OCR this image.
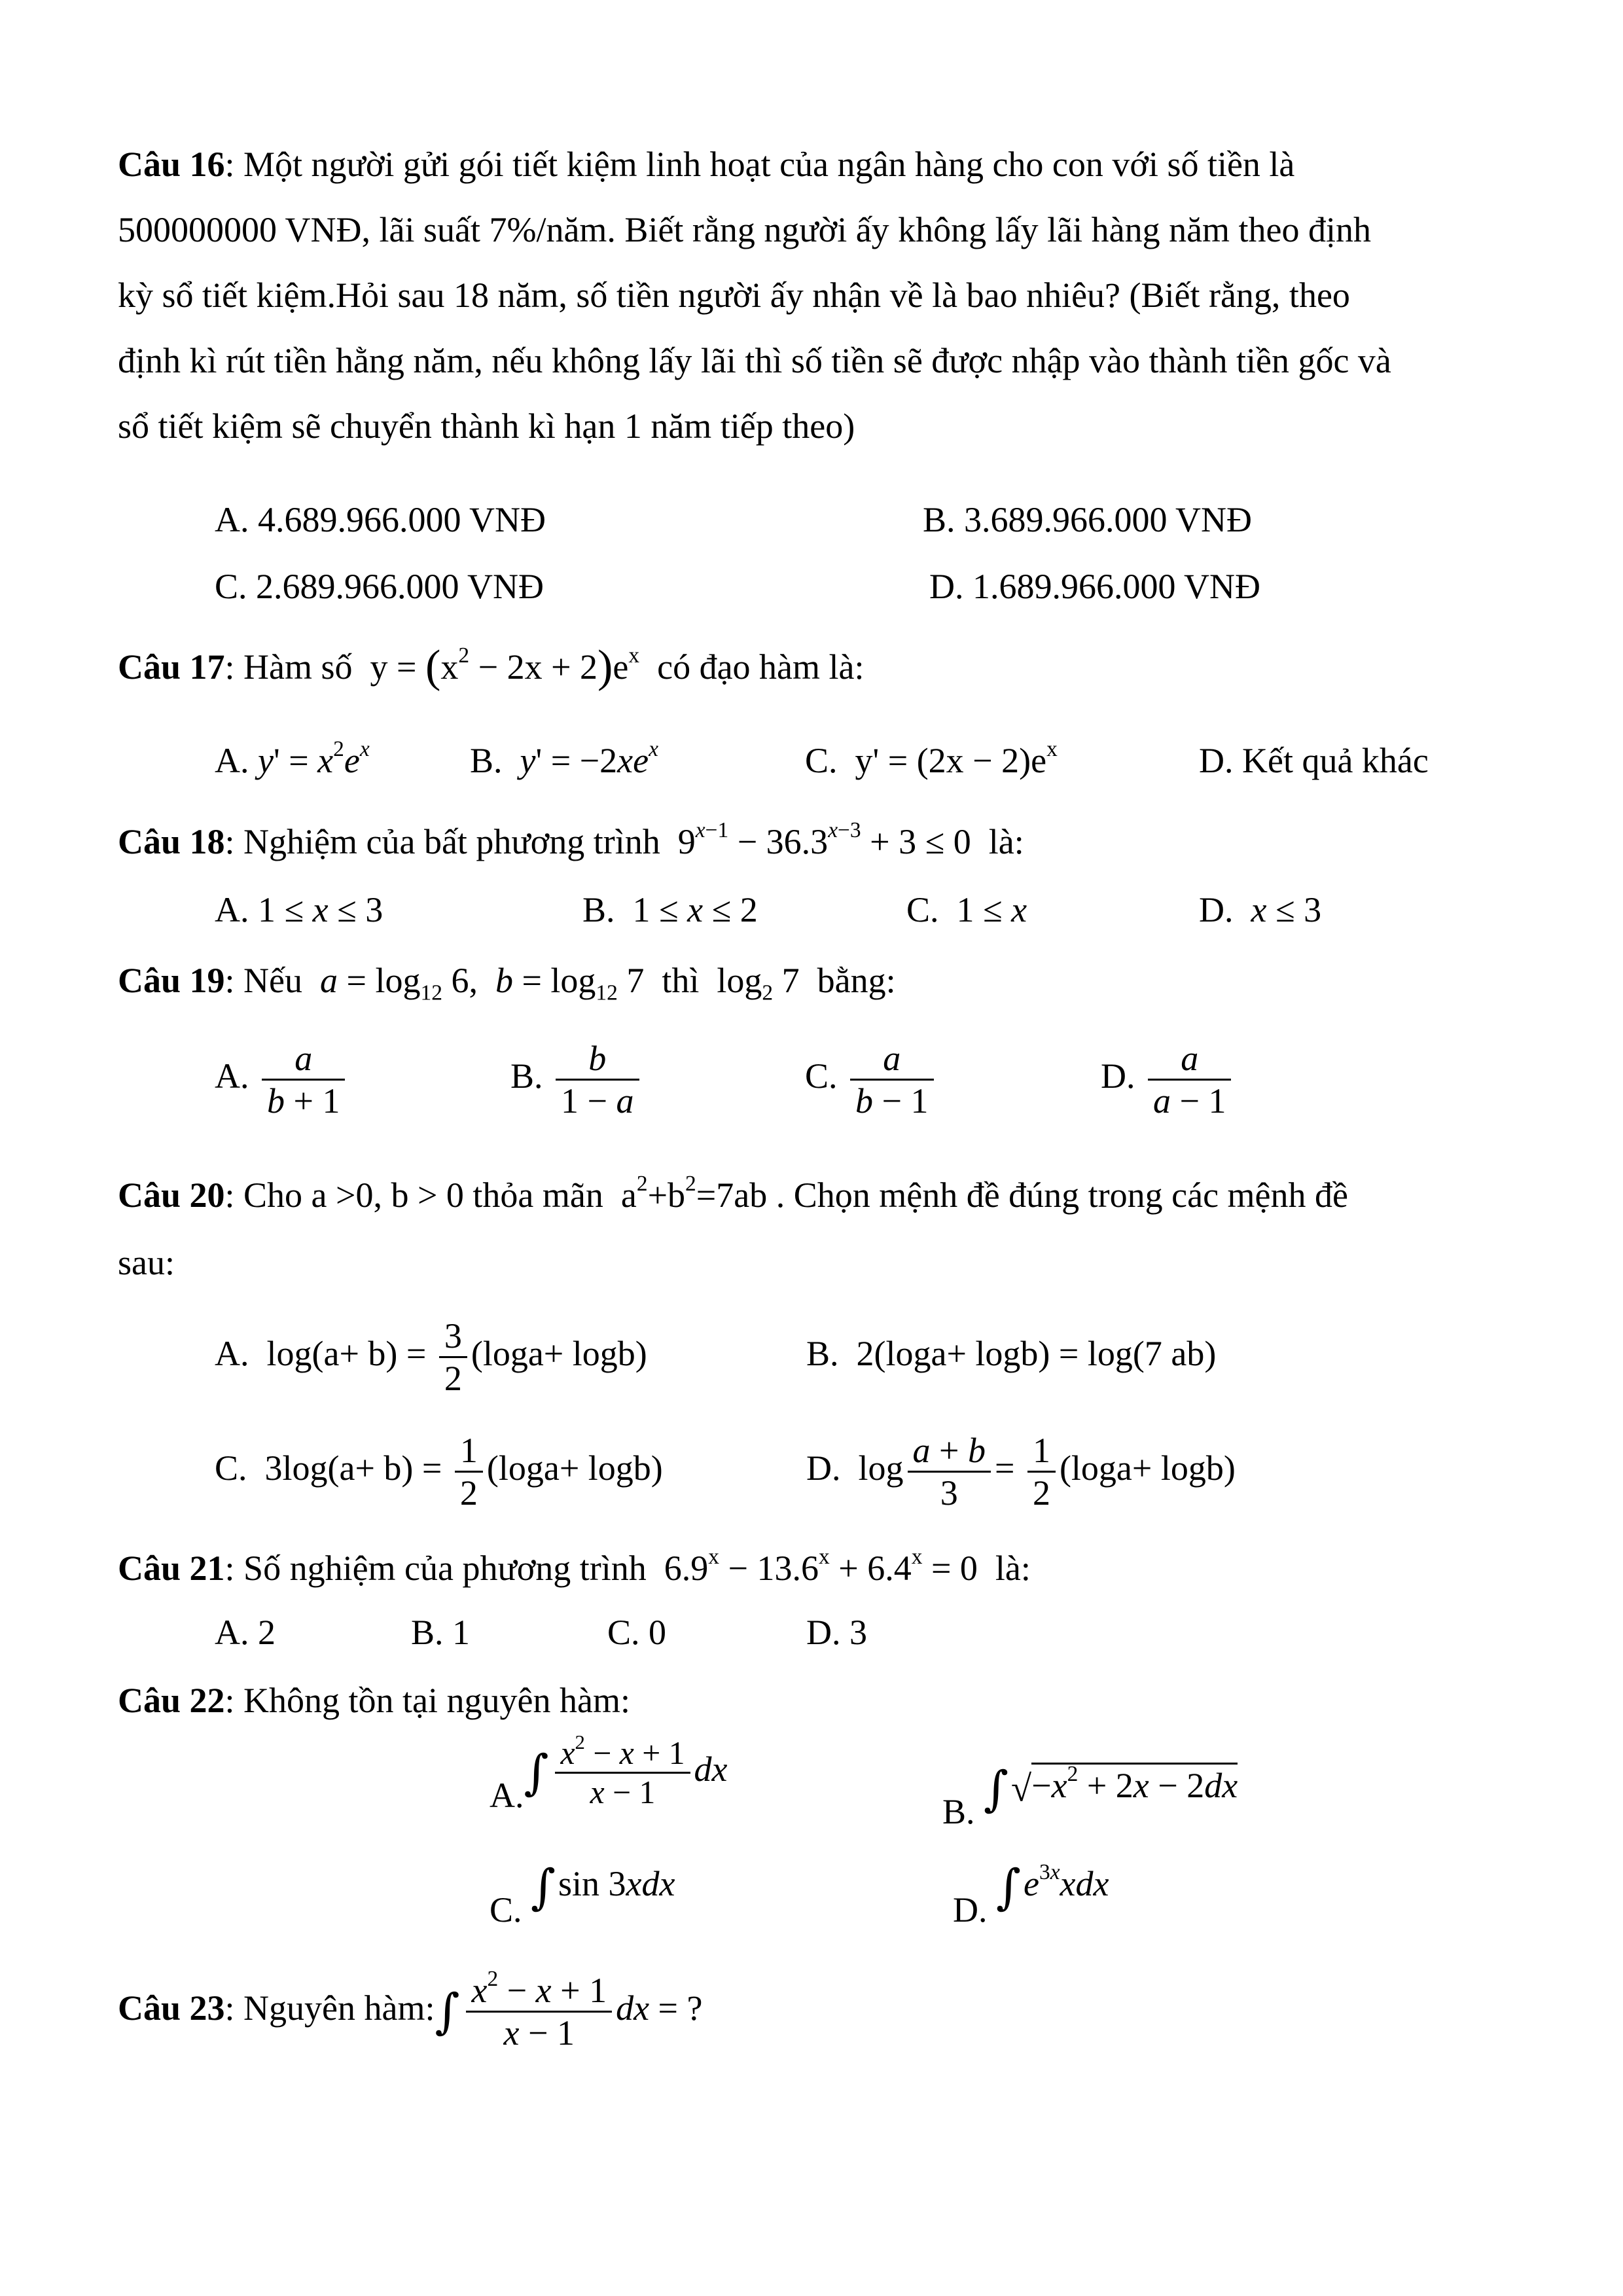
Câu 16: Một người gửi gói tiết kiệm linh hoạt của ngân hàng cho con với số tiền là
500000000 VNĐ, lãi suất 7%/năm. Biết rằng người ấy không lấy lãi hàng năm theo định
kỳ sổ tiết kiệm.Hỏi sau 18 năm, số tiền người ấy nhận về là bao nhiêu? (Biết rằng, theo
định kì rút tiền hằng năm, nếu không lấy lãi thì số tiền sẽ được nhập vào thành tiền gốc và
sổ tiết kiệm sẽ chuyển thành kì hạn 1 năm tiếp theo)
A. 4.689.966.000 VNĐ	B. 3.689.966.000 VNĐ
C. 2.689.966.000 VNĐ	D. 1.689.966.000 VNĐ
Câu 17: Hàm số $y = (x^2 - 2x + 2)e^x$ có đạo hàm là:
A. $y' = x^2e^x$	B.  $y' = -2xe^x$	C.  $y' = (2x - 2)e^x$	D. Kết quả khác
Câu 18: Nghiệm của bất phương trình $9^{x-1} - 36.3^{x-3} + 3 \le 0$ là:
A. 1 ≤ x ≤ 3	B.  1 ≤ x ≤ 2	C.  1 ≤ x	D.  x ≤ 3
Câu 19: Nếu $a = \log_{12} 6$,  $b = \log_{12} 7$  thì  $\log_2 7$  bằng:
A. $\frac{a}{b + 1}$	B. $\frac{b}{1 - a}$	C. $\frac{a}{b - 1}$	D. $\frac{a}{a - 1}$
Câu 20: Cho a >0, b > 0 thỏa mãn  $a^2+b^2=7ab$ . Chọn mệnh đề đúng trong các mệnh đề
sau:
A.  $\log(a+ b) = \frac{3}{2} (\log a+ \log b)$	B.  2(loga+ logb) = log(7 ab)
C.  $3\log(a+ b) = \frac{1}{2} (\log a+ \log b)$	D.  $\log \frac{a + b}{3} = \frac{1}{2} (\log a+ \log b)$
Câu 21: Số nghiệm của phương trình  $6.9^x - 13.6^x + 6.4^x = 0$  là:
A. 2	B. 1	C. 0	D. 3
Câu 22: Không tồn tại nguyên hàm:
$A.\int \frac{x^2 - x + 1}{x - 1}$ dx
B. $\int√-x^2 + 2x - 2dx$
C. ∫sin 3xdx
D. $\int e^{3x}xdx$
Câu 23: Nguyên hàm:∫ $\frac{x^2 - x + 1}{x - 1}$ dx = ?
